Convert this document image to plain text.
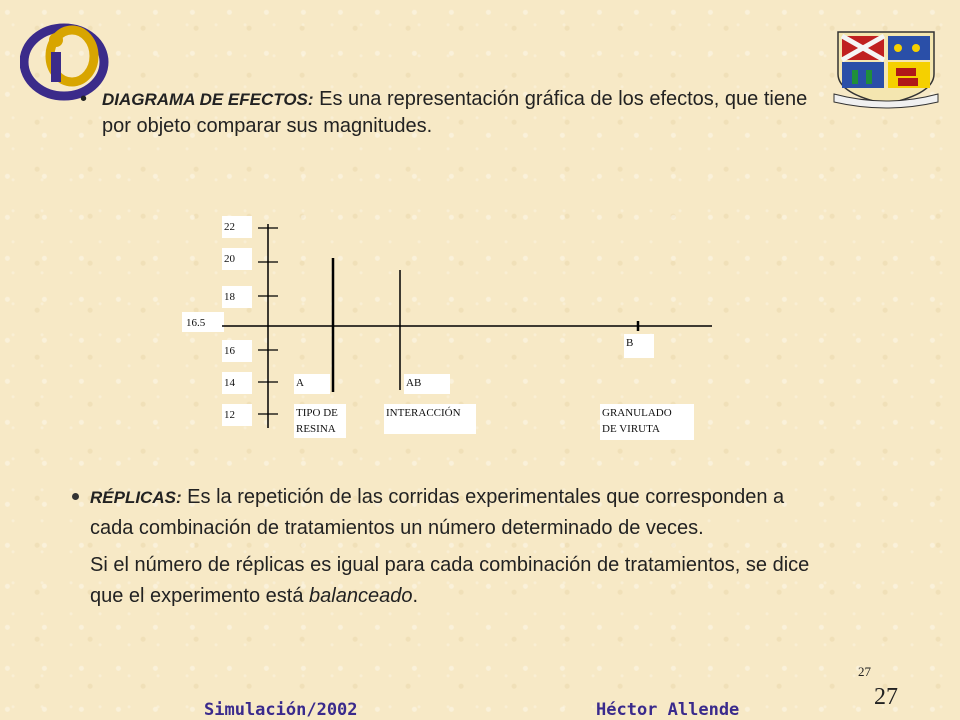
• DIAGRAMA DE EFECTOS: Es una representación gráfica de los efectos, que tiene por objeto comparar sus magnitudes.
22
20
18
16.5
16
14
12
A	AB
B
TIPO DE
RESINA
INTERACCIÓN	GRANULADO
DE VIRUTA
RÉPLICAS: Es la repetición de las corridas experimentales que corresponden a cada combinación de tratamientos un número determinado de veces.
Si el número de réplicas es igual para cada combinación de tratamientos, se dice que el experimento está balanceado.
27
27
Simulación/2002	Héctor Allende
